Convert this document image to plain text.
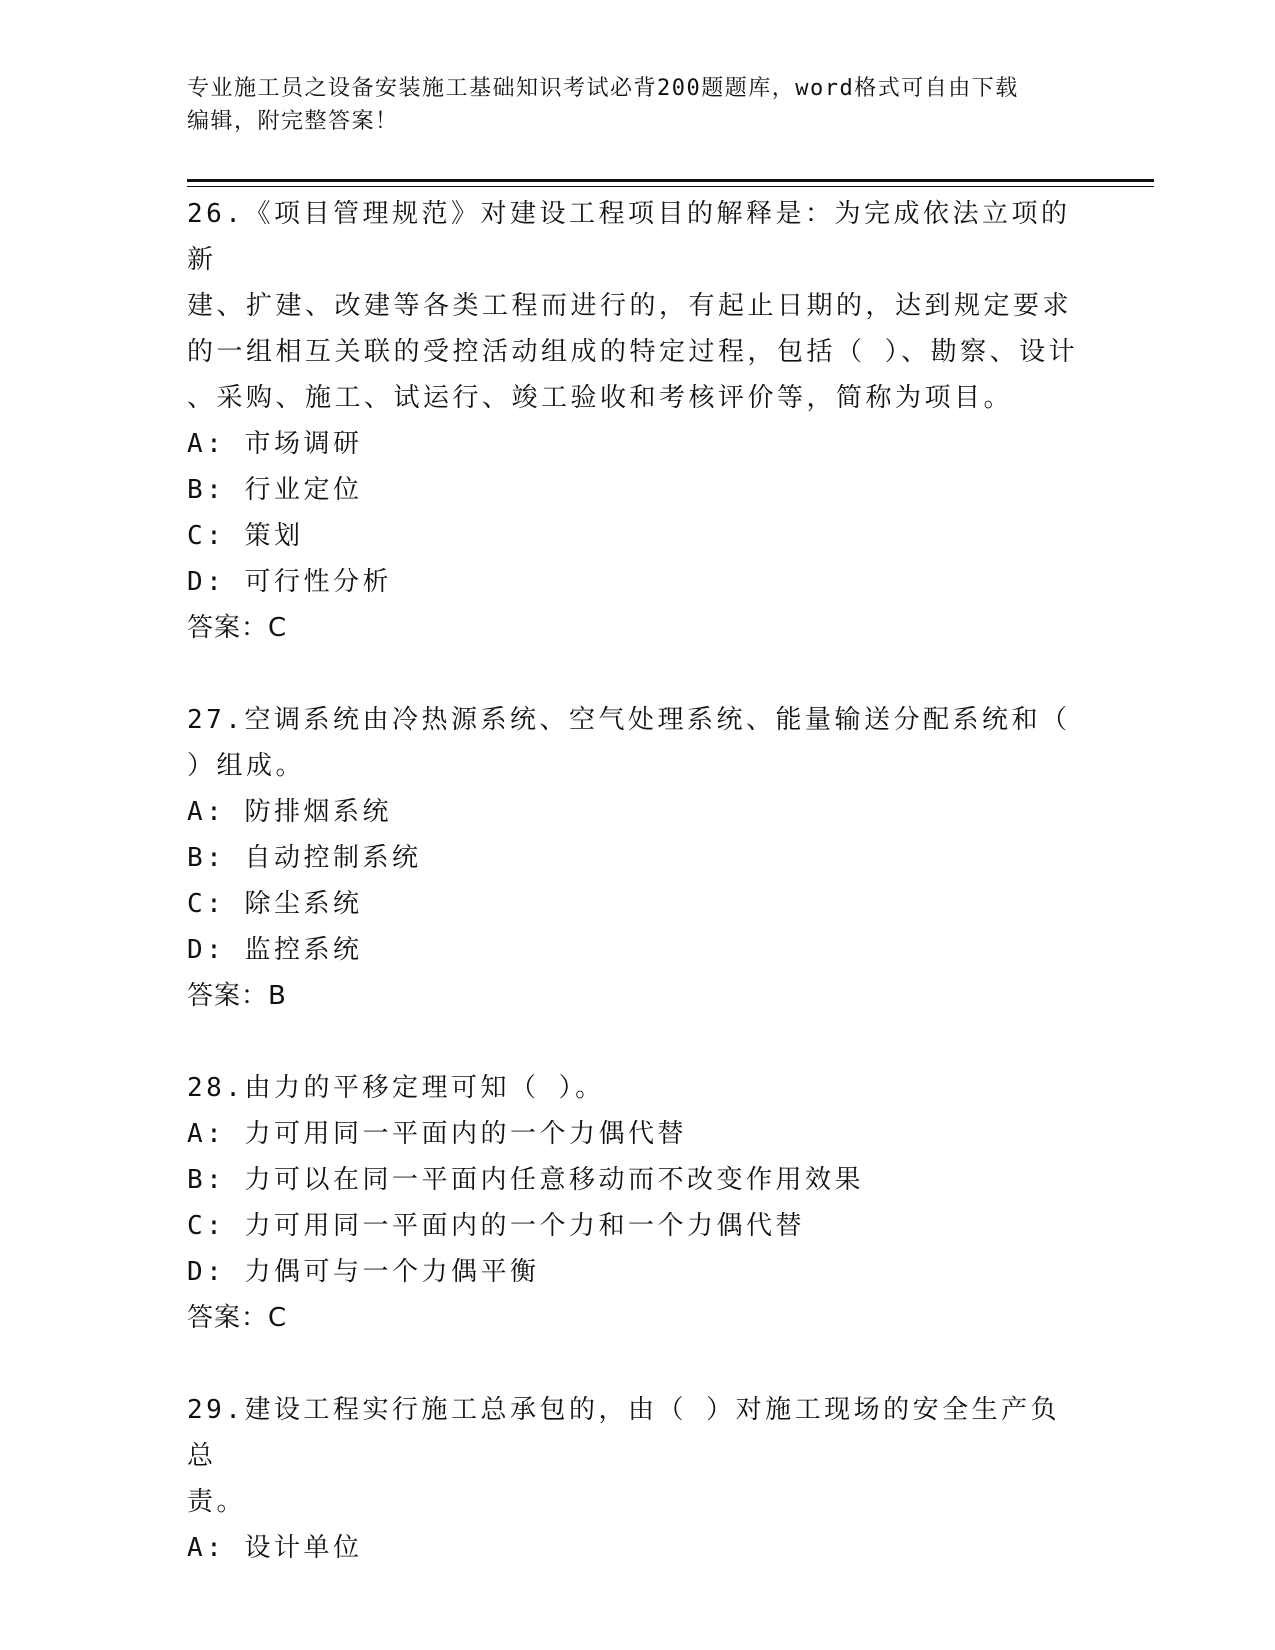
专业施工员之设备安装施工基础知识考试必背200题题库，word格式可自由下载
编辑，附完整答案！
26.《项目管理规范》对建设工程项目的解释是：为完成依法立项的新
建、扩建、改建等各类工程而进行的，有起止日期的，达到规定要求
的一组相互关联的受控活动组成的特定过程，包括（ ）、勘察、设计
、采购、施工、试运行、竣工验收和考核评价等，简称为项目。
A: 市场调研
B: 行业定位
C: 策划
D: 可行性分析
答案：C
27.空调系统由冷热源系统、空气处理系统、能量输送分配系统和（
）组成。
A: 防排烟系统
B: 自动控制系统
C: 除尘系统
D: 监控系统
答案：B
28.由力的平移定理可知（ ）。
A: 力可用同一平面内的一个力偶代替
B: 力可以在同一平面内任意移动而不改变作用效果
C: 力可用同一平面内的一个力和一个力偶代替
D: 力偶可与一个力偶平衡
答案：C
29.建设工程实行施工总承包的，由（ ）对施工现场的安全生产负总
责。
A: 设计单位
